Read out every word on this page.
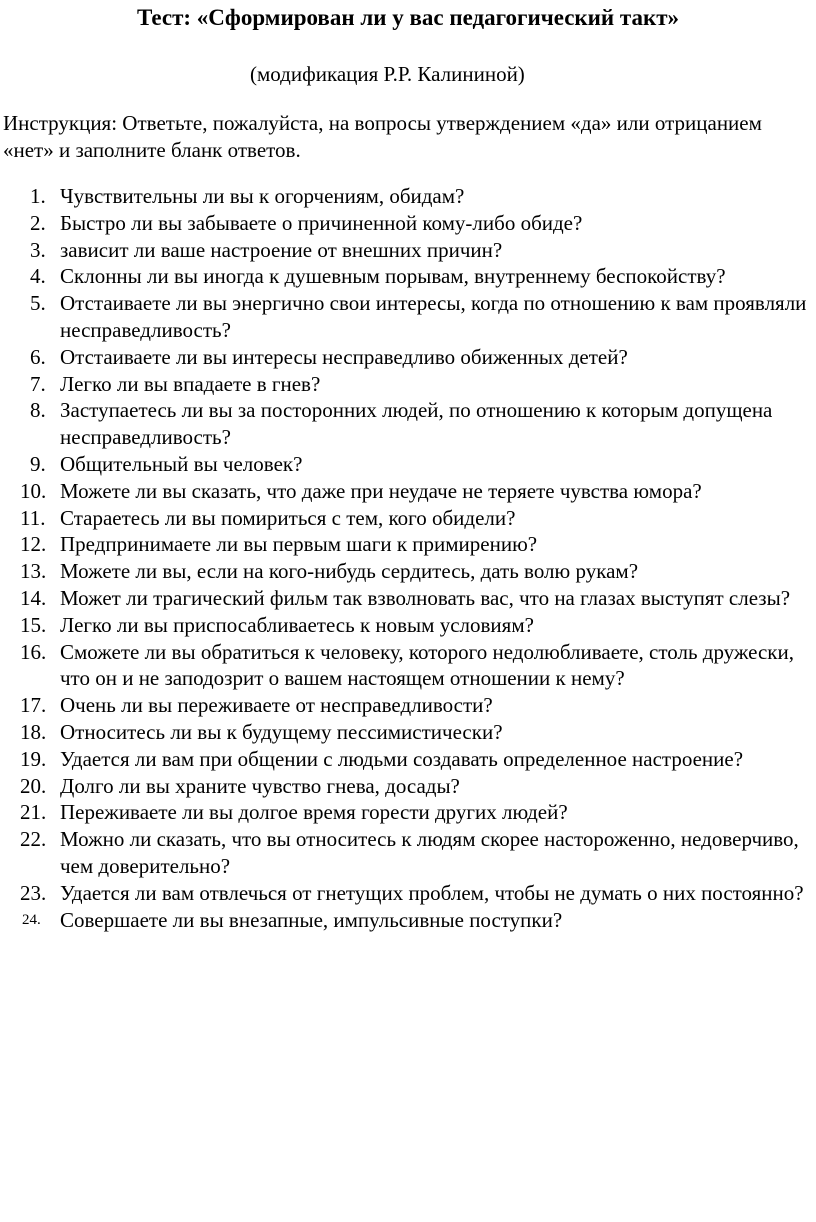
Тест: «Сформирован ли у вас педагогический такт»

(модификация Р.Р. Калининой)

Инструкция: Ответьте, пожалуйста, на вопросы утверждением «да» или отрицанием «нет» и заполните бланк ответов.

1. Чувствительны ли вы к огорчениям, обидам?
2. Быстро ли вы забываете о причиненной кому-либо обиде?
3. зависит ли ваше настроение от внешних причин?
4. Склонны ли вы иногда к душевным порывам, внутреннему беспокойству?
5. Отстаиваете ли вы энергично свои интересы, когда по отношению к вам проявляли несправедливость?
6. Отстаиваете ли вы интересы несправедливо обиженных детей?
7. Легко ли вы впадаете в гнев?
8. Заступаетесь ли вы за посторонних людей, по отношению к которым допущена несправедливость?
9. Общительный вы человек?
10. Можете ли вы сказать, что даже при неудаче не теряете чувства юмора?
11. Стараетесь ли вы помириться с тем, кого обидели?
12. Предпринимаете ли вы первым шаги к примирению?
13. Можете ли вы, если на кого-нибудь сердитесь, дать волю рукам?
14. Может ли трагический фильм так взволновать вас, что на глазах выступят слезы?
15. Легко ли вы приспосабливаетесь к новым условиям?
16. Сможете ли вы обратиться к человеку, которого недолюбливаете, столь дружески, что он и не заподозрит о вашем настоящем отношении к нему?
17. Очень ли вы переживаете от несправедливости?
18. Относитесь ли вы к будущему пессимистически?
19. Удается ли вам при общении с людьми создавать определенное настроение?
20. Долго ли вы храните чувство гнева, досады?
21. Переживаете ли вы долгое время горести других людей?
22. Можно ли сказать, что вы относитесь к людям скорее настороженно, недоверчиво, чем доверительно?
23. Удается ли вам отвлечься от гнетущих проблем, чтобы не думать о них постоянно?
24. Совершаете ли вы внезапные, импульсивные поступки?
